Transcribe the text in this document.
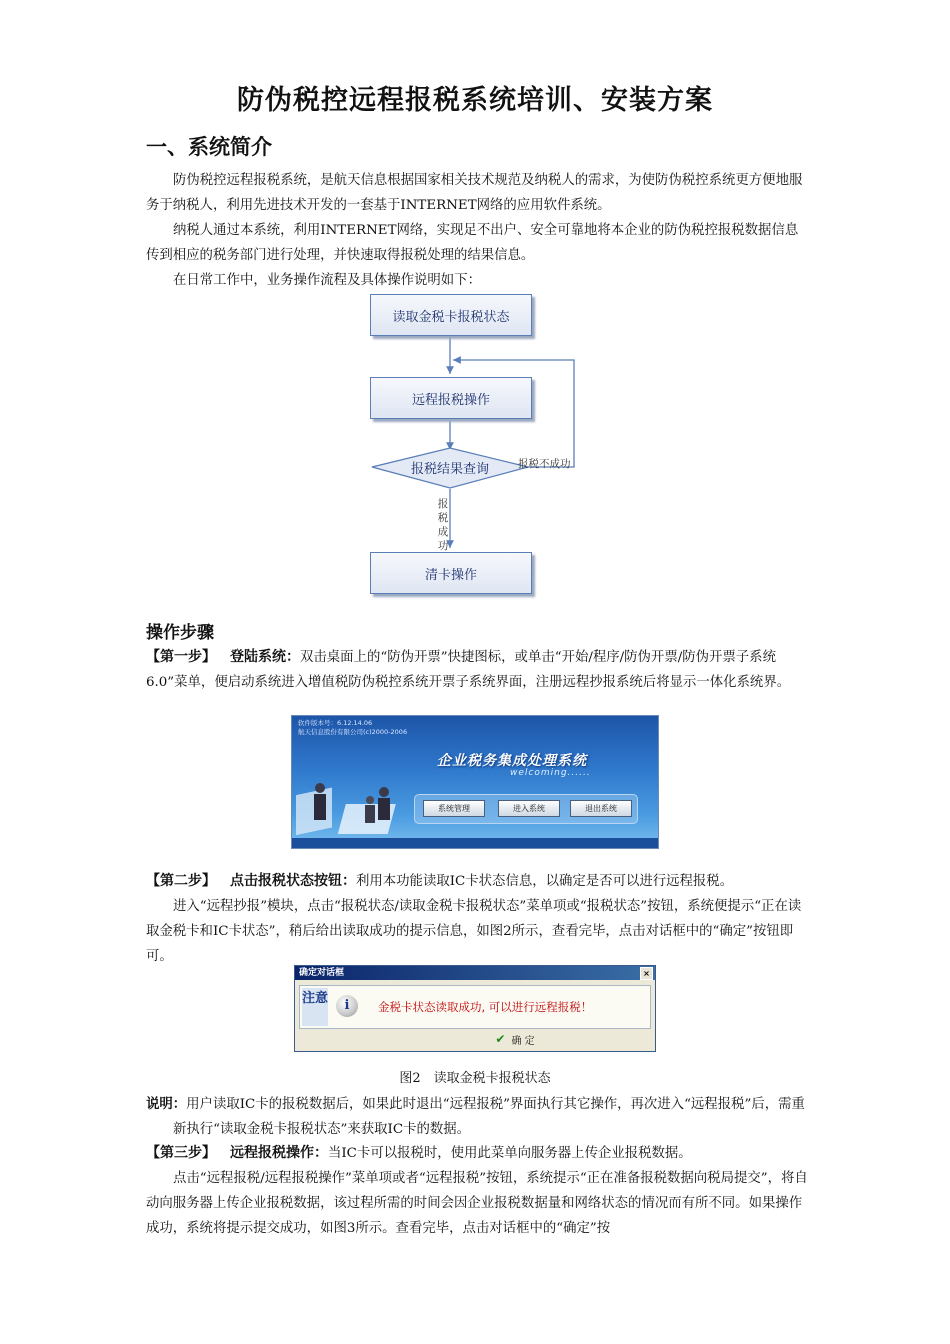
防伪税控远程报税系统培训、安装方案
一、系统简介
防伪税控远程报税系统，是航天信息根据国家相关技术规范及纳税人的需求，为使防伪税控系统更方便地服务于纳税人，利用先进技术开发的一套基于INTERNET网络的应用软件系统。
纳税人通过本系统，利用INTERNET网络，实现足不出户、安全可靠地将本企业的防伪税控报税数据信息传到相应的税务部门进行处理，并快速取得报税处理的结果信息。
在日常工作中，业务操作流程及具体操作说明如下：
读取金税卡报税状态
远程报税操作
报税结果查询	报税不成功
报
税
成
功
清卡操作
操作步骤
【第一步】 登陆系统：双击桌面上的“防伪开票”快捷图标，或单击“开始/程序/防伪开票/防伪开票子系统6.0”菜单，便启动系统进入增值税防伪税控系统开票子系统界面，注册远程抄报系统后将显示一体化系统界。
软件版本号：6.12.14.06
航天信息股份有限公司(c)2000-2006
企业税务集成处理系统
welcoming......
系统管理	进入系统	退出系统
【第二步】 点击报税状态按钮：利用本功能读取IC卡状态信息，以确定是否可以进行远程报税。
进入“远程抄报”模块，点击“报税状态/读取金税卡报税状态”菜单项或“报税状态”按钮，系统便提示“正在读取金税卡和IC卡状态”，稍后给出读取成功的提示信息，如图2所示，查看完毕，点击对话框中的“确定”按钮即可。
确定对话框	×
注意	i	金税卡状态读取成功, 可以进行远程报税！
✔ 确 定
图2　读取金税卡报税状态
说明：用户读取IC卡的报税数据后，如果此时退出“远程报税”界面执行其它操作，再次进入“远程报税”后，需重新执行“读取金税卡报税状态”来获取IC卡的数据。
【第三步】 远程报税操作：当IC卡可以报税时，使用此菜单向服务器上传企业报税数据。
点击“远程报税/远程报税操作”菜单项或者“远程报税”按钮，系统提示“正在准备报税数据向税局提交”，将自动向服务器上传企业报税数据，该过程所需的时间会因企业报税数据量和网络状态的情况而有所不同。如果操作成功，系统将提示提交成功，如图3所示。查看完毕，点击对话框中的“确定”按
